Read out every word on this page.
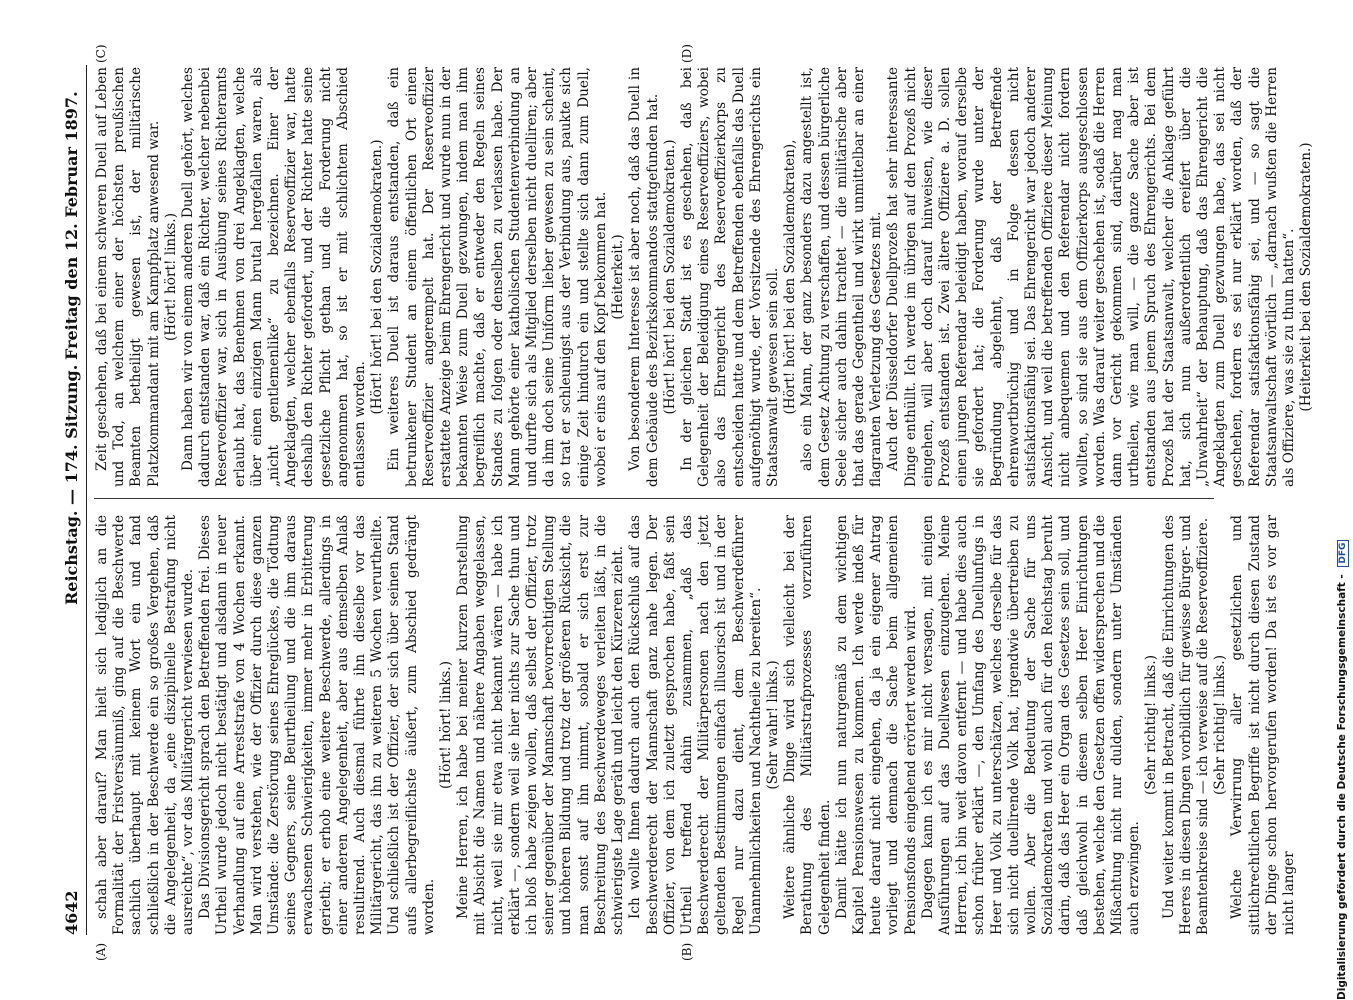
4642
Reichstag. — 174. Sitzung.
Freitag den 12. Februar 1897.
(A)	(B)
(C)	(D)

schah aber darauf? Man hielt sich lediglich an die Formalität der Fristversäumniß, ging auf die Beschwerde sachlich überhaupt mit keinem Wort ein und fand schließlich in der Beschwerde ein so großes Vergehen, daß die Angelegenheit, da „eine disziplinelle Bestrafung nicht ausreichte“, vor das Militärgericht verwiesen wurde. Das Divisionsgericht sprach den Betreffenden frei. Dieses Urtheil wurde jedoch nicht bestätigt und alsdann in neuer Verhandlung auf eine Arreststrafe von 4 Wochen erkannt. Man wird verstehen, wie der Offizier durch diese ganzen Umstände: die Zerstörung seines Ehreglückes, die Tödtung seines Gegners, seine Beurtheilung und die ihm daraus erwachsenen Schwierigkeiten, immer mehr in Erbitterung gerieth; er erhob eine weitere Beschwerde, allerdings in einer anderen Angelegenheit, aber aus demselben Anlaß resultirend. Auch diesmal führte ihn dieselbe vor das Militärgericht, das ihn zu weiteren 5 Wochen verurtheilte. Und schließlich ist der Offizier, der sich über seinen Stand aufs allerbegreiflichste äußert, zum Abschied gedrängt worden.

(Hört! hört! links.) Meine Herren, ich habe bei meiner kurzen Darstellung mit Absicht die Namen und nähere Angaben weggelassen, nicht, weil sie mir etwa nicht bekannt wären — habe ich erklärt —, sondern weil sie hier nichts zur Sache thun und ich bloß habe zeigen wollen, daß selbst der Offizier, trotz seiner gegenüber der Mannschaft bevorrechtigten Stellung und höheren Bildung und trotz der größeren Rücksicht, die man sonst auf ihn nimmt, sobald er sich erst zur Beschreitung des Beschwerdeweges verleiten läßt, in die schwierigste Lage geräth und leicht den Kürzeren zieht. Ich wollte Ihnen dadurch auch den Rückschluß auf das Beschwerderecht der Mannschaft ganz nahe legen. Der Offizier, von dem ich zuletzt gesprochen habe, faßt sein Urtheil treffend dahin zusammen, „daß das Beschwerderecht der Militärpersonen nach den jetzt geltenden Bestimmungen einfach illusorisch ist und in der Regel nur dazu dient, dem Beschwerdeführer Unannehmlichkeiten und Nachtheile zu bereiten“. (Sehr wahr! links.) Weitere ähnliche Dinge wird sich vielleicht bei der Berathung des Militärstrafprozesses vorzuführen Gelegenheit finden. Damit hätte ich nun naturgemäß zu dem wichtigen Kapitel Pensionswesen zu kommen. Ich werde indeß für heute darauf nicht eingehen, da ja ein eigener Antrag vorliegt und demnach die Sache beim allgemeinen Pensionsfonds eingehend erörtert werden wird. Dagegen kann ich es mir nicht versagen, mit einigen Ausführungen auf das Duellwesen einzugehen. Meine Herren, ich bin weit davon entfernt — und habe dies auch schon früher erklärt —, den Umfang des Duellunfugs in Heer und Volk zu unterschätzen, welches derselbe für das sich nicht duellirende Volk hat, irgendwie übertreiben zu wollen. Aber die Bedeutung der Sache für uns Sozialdemokraten und wohl auch für den Reichstag beruht darin, daß das Heer ein Organ des Gesetzes sein soll, und daß gleichwohl in diesem selben Heer Einrichtungen bestehen, welche den Gesetzen offen widersprechen und die Mißachtung nicht nur dulden, sondern unter Umständen auch erzwingen.

(Sehr richtig! links.) Und weiter kommt in Betracht, daß die Einrichtungen des Heeres in diesen Dingen vorbildlich für gewisse Bürger- und Beamtenkreise sind — ich verweise auf die Reserveoffiziere. (Sehr richtig! links.) Welche Verwirrung aller gesetzlichen und sittlichrechtlichen Begriffe ist nicht durch diesen Zustand der Dinge schon hervorgerufen worden! Da ist es vor gar nicht langer

Zeit geschehen, daß bei einem schweren Duell auf Leben und Tod, an welchem einer der höchsten preußischen Beamten betheiligt gewesen ist, der militärische Platzkommandant mit am Kampfplatz anwesend war. (Hört! hört! links.) Dann haben wir von einem anderen Duell gehört, welches dadurch entstanden war, daß ein Richter, welcher nebenbei Reserveoffizier war, sich in Ausübung seines Richteramts erlaubt hat, das Benehmen von drei Angeklagten, welche über einen einzigen Mann brutal hergefallen waren, als „nicht gentlemenlike“ zu bezeichnen. Einer der Angeklagten, welcher ebenfalls Reserveoffizier war, hatte deshalb den Richter gefordert, und der Richter hatte seine gesetzliche Pflicht gethan und die Forderung nicht angenommen hat, so ist er mit schlichtem Abschied entlassen worden.

(Hört! hört! bei den Sozialdemokraten.) Ein weiteres Duell ist daraus entstanden, daß ein betrunkener Student an einem öffentlichen Ort einen Reserveoffizier angerempelt hat. Der Reserveoffizier erstattete Anzeige beim Ehrengericht und wurde nun in der bekannten Weise zum Duell gezwungen, indem man ihm begreiflich machte, daß er entweder den Regeln seines Standes zu folgen oder denselben zu verlassen habe. Der Mann gehörte einer katholischen Studentenverbindung an und durfte sich als Mitglied derselben nicht duelliren; aber da ihm doch seine Uniform lieber gewesen zu sein scheint, so trat er schleunigst aus der Verbindung aus, paukte sich einige Zeit hindurch ein und stellte sich dann zum Duell, wobei er eins auf den Kopf bekommen hat. (Heiterkeit.) Von besonderem Interesse ist aber noch, daß das Duell in dem Gebäude des Bezirkskommandos stattgefunden hat. (Hört! hört! bei den Sozialdemokraten.) In der gleichen Stadt ist es geschehen, daß bei Gelegenheit der Beleidigung eines Reserveoffiziers, wobei also das Ehrengericht des Reserveoffizierkorps zu entscheiden hatte und dem Betreffenden ebenfalls das Duell aufgenöthigt wurde, der Vorsitzende des Ehrengerichts ein Staatsanwalt gewesen sein soll. (Hört! hört! bei den Sozialdemokraten), also ein Mann, der ganz besonders dazu angestellt ist, dem Gesetz Achtung zu verschaffen, und dessen bürgerliche Seele sicher auch dahin trachtet — die militärische aber that das gerade Gegentheil und wirkt unmittelbar an einer flagranten Verletzung des Gesetzes mit. Auch der Düsseldorfer Duellprozeß hat sehr interessante Dinge enthüllt. Ich werde im übrigen auf den Prozeß nicht eingehen, will aber doch darauf hinweisen, wie dieser Prozeß entstanden ist. Zwei ältere Offiziere a. D. sollen einen jungen Referendar beleidigt haben, worauf derselbe sie gefordert hat; die Forderung wurde unter der Begründung abgelehnt, daß der Betreffende ehrenwortbrüchig und in Folge dessen nicht satisfaktionsfähig sei. Das Ehrengericht war jedoch anderer Ansicht, und weil die betreffenden Offiziere dieser Meinung nicht anbequemen und den Referendar nicht fordern wollten, so sind sie aus dem Offizierkorps ausgeschlossen worden. Was darauf weiter geschehen ist, sodaß die Herren dann vor Gericht gekommen sind, darüber mag man urtheilen, wie man will, — die ganze Sache aber ist entstanden aus jenem Spruch des Ehrengerichts. Bei dem Prozeß hat der Staatsanwalt, welcher die Anklage geführt hat, sich nun außerordentlich ereifert über die „Unwahrheit“ der Behauptung, daß das Ehrengericht die Angeklagten zum Duell gezwungen habe, das sei nicht geschehen, fordern es sei nur erklärt worden, daß der Referendar satisfaktionsfähig sei, und — so sagt die Staatsanwaltschaft wörtlich — „darnach wußten die Herren als Offiziere, was sie zu thun hatten“. (Heiterkeit bei den Sozialdemokraten.)

Digitalisierung gefördert durch die Deutsche Forschungsgemeinschaft - DFG
